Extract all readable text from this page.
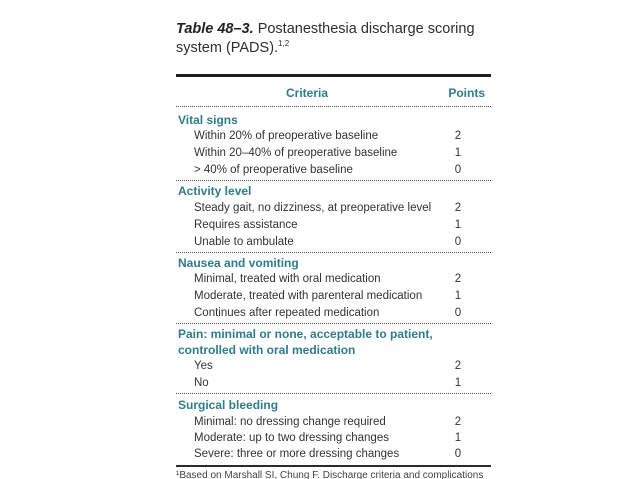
Table 48–3. Postanesthesia discharge scoring system (PADS).$^{1,2}$
Criteria	Points
Vital signs
Within 20% of preoperative baseline	2
Within 20–40% of preoperative baseline	1
> 40% of preoperative baseline	0
Activity level
Steady gait, no dizziness, at preoperative level	2
Requires assistance	1
Unable to ambulate	0
Nausea and vomiting
Minimal, treated with oral medication	2
Moderate, treated with parenteral medication	1
Continues after repeated medication	0
Pain: minimal or none, acceptable to patient,
controlled with oral medication
Yes	2
No	1
Surgical bleeding
Minimal: no dressing change required	2
Moderate: up to two dressing changes	1
Severe: three or more dressing changes	0
¹Based on Marshall SI, Chung F. Discharge criteria and complications
